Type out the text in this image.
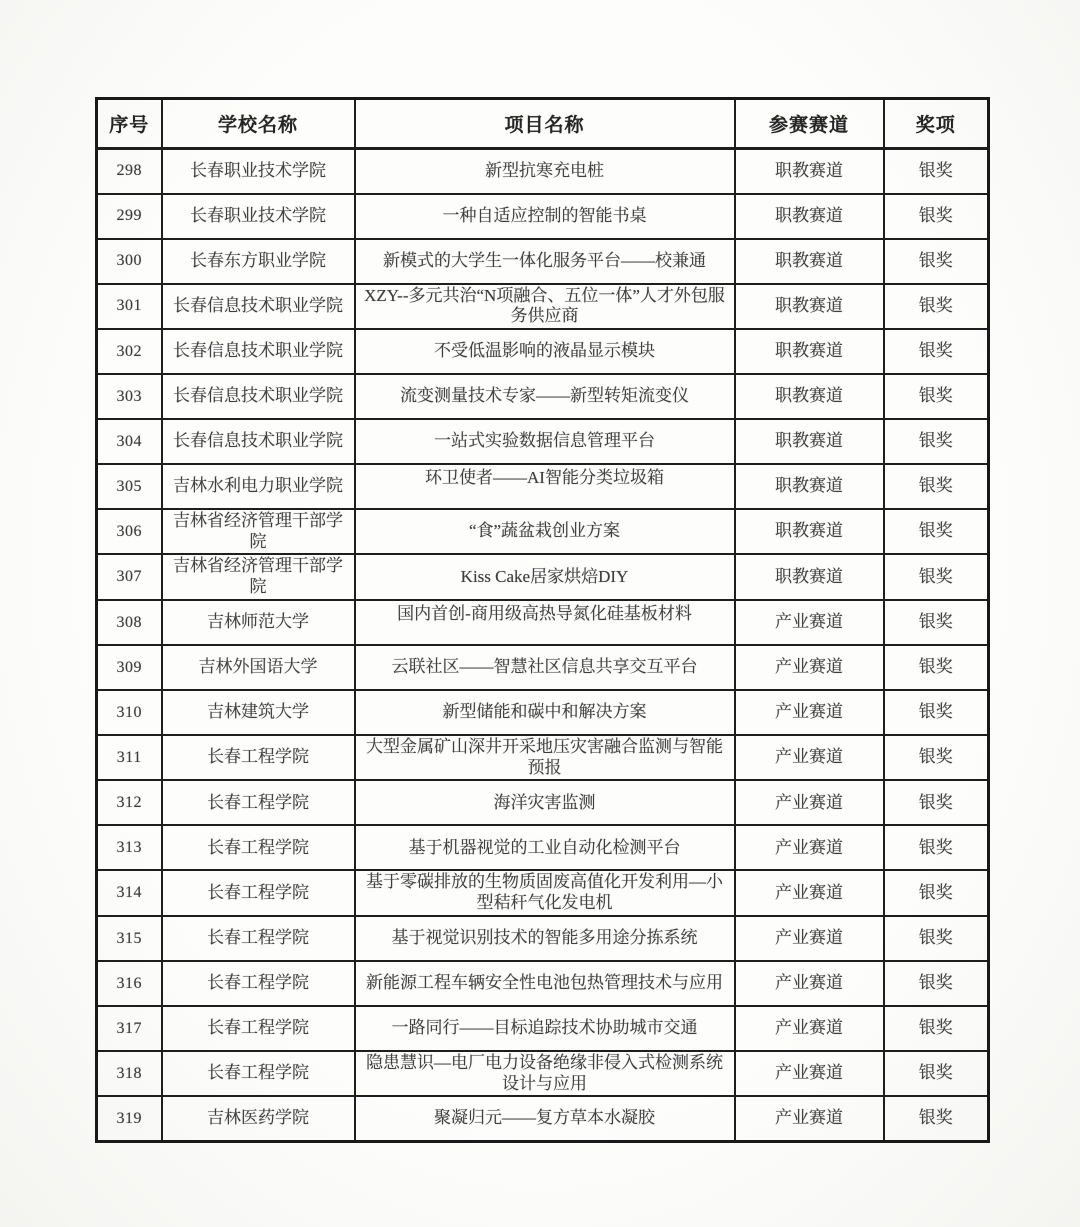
序号	学校名称	项目名称	参赛赛道	奖项
298	长春职业技术学院	新型抗寒充电桩	职教赛道	银奖
299	长春职业技术学院	一种自适应控制的智能书桌	职教赛道	银奖
300	长春东方职业学院	新模式的大学生一体化服务平台——校兼通	职教赛道	银奖
301	长春信息技术职业学院	XZY--多元共治“N项融合、五位一体”人才外包服务供应商	职教赛道	银奖
302	长春信息技术职业学院	不受低温影响的液晶显示模块	职教赛道	银奖
303	长春信息技术职业学院	流变测量技术专家——新型转矩流变仪	职教赛道	银奖
304	长春信息技术职业学院	一站式实验数据信息管理平台	职教赛道	银奖
305	吉林水利电力职业学院	环卫使者——AI智能分类垃圾箱	职教赛道	银奖
306	吉林省经济管理干部学院	“食”蔬盆栽创业方案	职教赛道	银奖
307	吉林省经济管理干部学院	Kiss Cake居家烘焙DIY	职教赛道	银奖
308	吉林师范大学	国内首创-商用级高热导氮化硅基板材料	产业赛道	银奖
309	吉林外国语大学	云联社区——智慧社区信息共享交互平台	产业赛道	银奖
310	吉林建筑大学	新型储能和碳中和解决方案	产业赛道	银奖
311	长春工程学院	大型金属矿山深井开采地压灾害融合监测与智能预报	产业赛道	银奖
312	长春工程学院	海洋灾害监测	产业赛道	银奖
313	长春工程学院	基于机器视觉的工业自动化检测平台	产业赛道	银奖
314	长春工程学院	基于零碳排放的生物质固废高值化开发利用—小型秸秆气化发电机	产业赛道	银奖
315	长春工程学院	基于视觉识别技术的智能多用途分拣系统	产业赛道	银奖
316	长春工程学院	新能源工程车辆安全性电池包热管理技术与应用	产业赛道	银奖
317	长春工程学院	一路同行——目标追踪技术协助城市交通	产业赛道	银奖
318	长春工程学院	隐患慧识—电厂电力设备绝缘非侵入式检测系统设计与应用	产业赛道	银奖
319	吉林医药学院	聚凝归元——复方草本水凝胶	产业赛道	银奖
